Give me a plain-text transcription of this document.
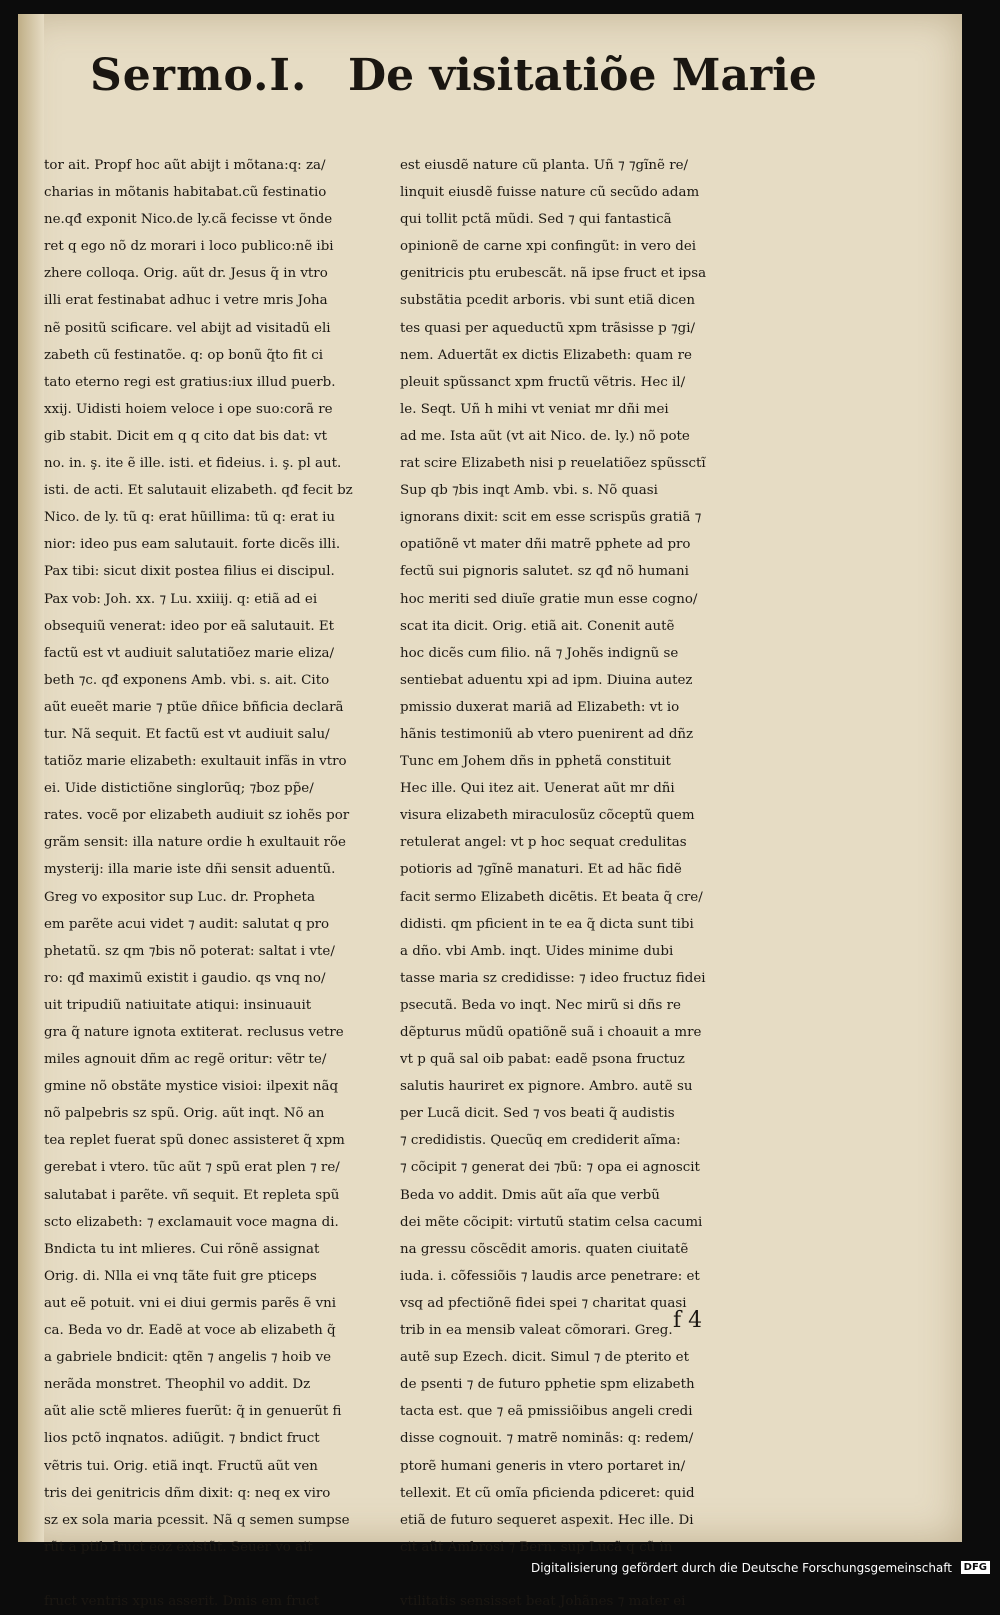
Sermo.I. De visitatiõe Marie
tor ait. Propf hoc aũt abijt i mõtana:q: za/
charias in mõtanis habitabat.cũ festinatio
ne.qđ exponit Nico.de ly.cã fecisse vt õnde
ret q ego nõ dz morari i loco publico:nẽ ibi
zhere colloqa. Orig. aũt dr. Jesus q̃ in vtro
illi erat festinabat adhuc i vetre mris Joha
nẽ positũ scificare. vel abijt ad visitadũ eli
zabeth cũ festinatõe. q: op bonũ q̃to fit ci
tato eterno regi est gratius:iux illud puerb.
xxij. Uidisti hoiem veloce i ope suo:corã re
gib stabit. Dicit em q q cito dat bis dat: vt
no. in. ş. ite ẽ ille. isti. et fideius. i. ş. pl aut.
isti. de acti. Et salutauit elizabeth. qđ fecit bz
Nico. de ly. tũ q: erat hũillima: tũ q: erat iu
nior: ideo pus eam salutauit. forte dicẽs illi.
Pax tibi: sicut dixit postea filius ei discipul.
Pax vob: Joh. xx. ⁊ Lu. xxiiij. q: etiã ad ei
obsequiũ venerat: ideo por eã salutauit. Et
factũ est vt audiuit salutatiõez marie eliza/
beth ⁊c. qđ exponens Amb. vbi. s. ait. Cito
aũt eueẽt marie ⁊ ptũe dñice bñficia declarã
tur. Nã sequit. Et factũ est vt audiuit salu/
tatiõz marie elizabeth: exultauit infãs in vtro
ei. Uide distictiõne singlorũq; ⁊boz pp̃e/
rates. vocẽ por elizabeth audiuit sz iohẽs por
grãm sensit: illa nature ordie h exultauit rõe
mysterij: illa marie iste dñi sensit aduentũ.
Greg vo expositor sup Luc. dr. Propheta
em parẽte acui videt ⁊ audit: salutat q pro
phetatũ. sz qm ⁊bis nõ poterat: saltat i vte/
ro: qđ maximũ existit i gaudio. qs vnq no/
uit tripudiũ natiuitate atiqui: insinuauit
gra q̃ nature ignota extiterat. reclusus vetre
miles agnouit dñm ac regẽ oritur: vẽtr te/
gmine nõ obstãte mystice visioi: ilpexit nãq
nõ palpebris sz spũ. Orig. aũt inqt. Nõ an
tea replet fuerat spũ donec assisteret q̃ xpm
gerebat i vtero. tũc aũt ⁊ spũ erat plen ⁊ re/
salutabat i parẽte. vñ sequit. Et repleta spũ
scto elizabeth: ⁊ exclamauit voce magna di.
Bndicta tu int mlieres. Cui rõnẽ assignat
Orig. di. Nlla ei vnq tãte fuit gre pticeps
aut eẽ potuit. vni ei diui germis parẽs ẽ vni
ca. Beda vo dr. Eadẽ at voce ab elizabeth q̃
a gabriele bndicit: qtẽn ⁊ angelis ⁊ hoib ve
nerãda monstret. Theophil vo addit. Dz
aũt alie sctẽ mlieres fuerũt: q̃ in genuerũt fi
lios pctõ inqnatos. adiũgit. ⁊ bndict fruct
vẽtris tui. Orig. etiã inqt. Fructũ aũt ven
tris dei genitricis dñm dixit: q: neq ex viro
sz ex sola maria pcessit. Nã q semen sumpse
rũt a ptib fruct eoz existũt. Seuer vo ait
fruct ventris xpus asserit. Dmis em fruct
est eiusdẽ nature cũ planta. Uñ ⁊ ⁊gĩnẽ re/
linquit eiusdẽ fuisse nature cũ secũdo adam
qui tollit pctã mũdi. Sed ⁊ qui fantasticã
opinionẽ de carne xpi confingũt: in vero dei
genitricis ptu erubescãt. nã ipse fruct et ipsa
substãtia pcedit arboris. vbi sunt etiã dicen
tes quasi per aqueductũ xpm trãsisse p ⁊gi/
nem. Aduertãt ex dictis Elizabeth: quam re
pleuit spũssanct xpm fructũ vẽtris. Hec il/
le. Seqt. Uñ h mihi vt veniat mr dñi mei
ad me. Ista aũt (vt ait Nico. de. ly.) nõ pote
rat scire Elizabeth nisi p reuelatiõez spũssctĩ
Sup qb ⁊bis inqt Amb. vbi. s. Nõ quasi
ignorans dixit: scit em esse scrispũs gratiã ⁊
opatiõnẽ vt mater dñi matrẽ pphete ad pro
fectũ sui pignoris salutet. sz qđ nõ humani
hoc meriti sed diuĩe gratie mun esse cogno/
scat ita dicit. Orig. etiã ait. Conenit autẽ
hoc dicẽs cum filio. nã ⁊ Johẽs indignũ se
sentiebat aduentu xpi ad ipm. Diuina autez
pmissio duxerat mariã ad Elizabeth: vt io
hãnis testimoniũ ab vtero puenirent ad dñz
Tunc em Johem dñs in pphetã constituit
Hec ille. Qui itez ait. Uenerat aũt mr dñi
visura elizabeth miraculosũz cõceptũ quem
retulerat angel: vt p hoc sequat credulitas
potioris ad ⁊gĩnẽ manaturi. Et ad hãc fidẽ
facit sermo Elizabeth dicẽtis. Et beata q̃ cre/
didisti. qm pficient in te ea q̃ dicta sunt tibi
a dño. vbi Amb. inqt. Uides minime dubi
tasse maria sz credidisse: ⁊ ideo fructuz fidei
psecutã. Beda vo inqt. Nec mirũ si dñs re
dẽpturus mũdũ opatiõnẽ suã i choauit a mre
vt p quã sal oib pabat: eadẽ psona fructuz
salutis hauriret ex pignore. Ambro. autẽ su
per Lucã dicit. Sed ⁊ vos beati q̃ audistis
⁊ credidistis. Quecũq em crediderit aĩma:
⁊ cõcipit ⁊ generat dei ⁊bũ: ⁊ opa ei agnoscit
Beda vo addit. Dmis aũt aĩa que verbũ
dei mẽte cõcipit: virtutũ statim celsa cacumi
na gressu cõscẽdit amoris. quaten ciuitatẽ
iuda. i. cõfessiõis ⁊ laudis arce penetrare: et
vsq ad pfectiõnẽ fidei spei ⁊ charitat quasi
trib in ea mensib valeat cõmorari. Greg.
autẽ sup Ezech. dicit. Simul ⁊ de pterito et
de psenti ⁊ de futuro pphetie spm elizabeth
tacta est. que ⁊ eã pmissiõibus angeli credi
disse cognouit. ⁊ matrẽ nominãs: q: redem/
ptorẽ humani generis in vtero portaret in/
tellexit. Et cũ omĩa pficienda pdiceret: quid
etiã de futuro sequeret aspexit. Hec ille. Di
cit aũt Ambrosi ⁊ Bern. sup Lucã q cũ in
vtilitatis sensisset beat Johãnes ⁊ mater ei
f 4
Digitalisierung gefördert durch die Deutsche Forschungsgemeinschaft	DFG
